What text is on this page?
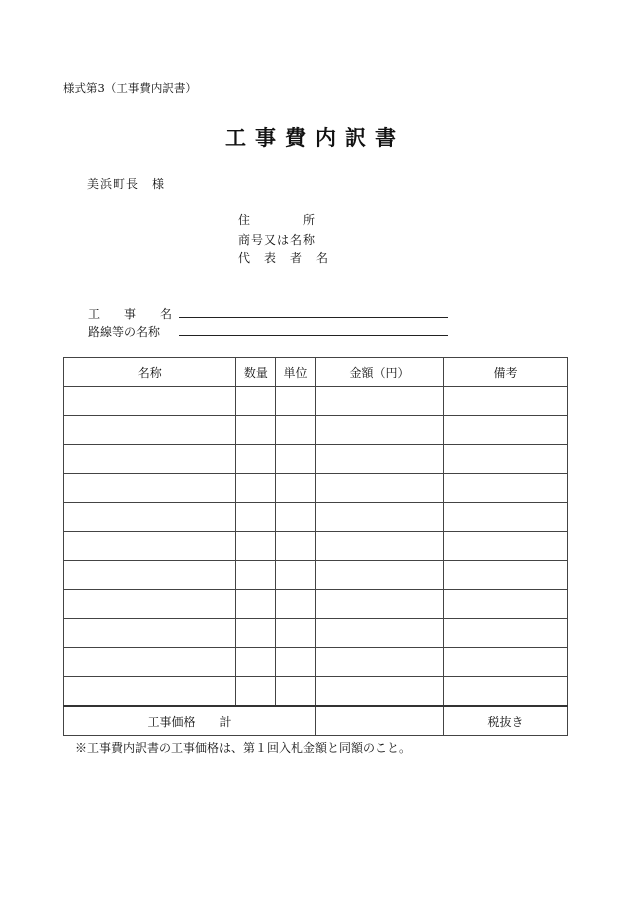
様式第3（工事費内訳書）
工事費内訳書
美浜町長　様
住　　　　所
商号又は名称
代　表　者　名
工　　事　　名
路線等の名称
名称	数量	単位	金額（円）	備考

工事価格　　計				税抜き
※工事費内訳書の工事価格は、第１回入札金額と同額のこと。
